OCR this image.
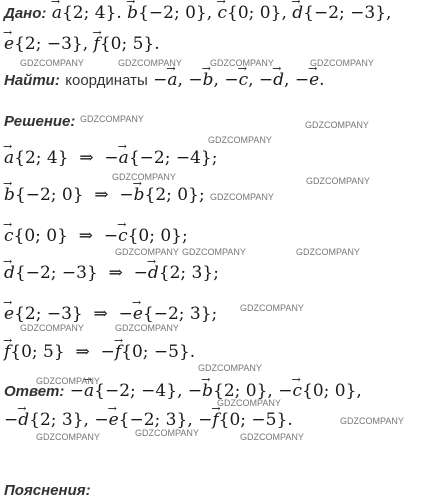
Дано: → a{2; 4}. → b{−2; 0}, → c{0; 0}, → d{−2; −3},
→ e{2; −3}, → f{0; 5}.
Найти: координаты −→ a, −→ b, −→ c, −→ d, −→ e.
Решение:
→ a{2; 4} ⇒ −→ a{−2; −4};
→ b{−2; 0} ⇒ −→ b{2; 0};
→ c{0; 0} ⇒ −→ c{0; 0};
→ d{−2; −3} ⇒ −→ d{2; 3};
→ e{2; −3} ⇒ −→ e{−2; 3};
→ f{0; 5} ⇒ −→ f{0; −5}.
Ответ: −→ a{−2; −4}, −→ b{2; 0}, −→ c{0; 0},
−→ d{2; 3}, −→ e{−2; 3}, −→ f{0; −5}.
Пояснения:
GDZCOMPANY	GDZCOMPANY	GDZCOMPANY	GDZCOMPANY
GDZCOMPANY
GDZCOMPANY
GDZCOMPANY
GDZCOMPANY	GDZCOMPANY
GDZCOMPANY
GDZCOMPANY GDZCOMPANY	GDZCOMPANY
GDZCOMPANY
GDZCOMPANY	GDZCOMPANY
GDZCOMPANY
GDZCOMPANY
GDZCOMPANY
GDZCOMPANY
GDZCOMPANY	GDZCOMPANY	GDZCOMPANY
